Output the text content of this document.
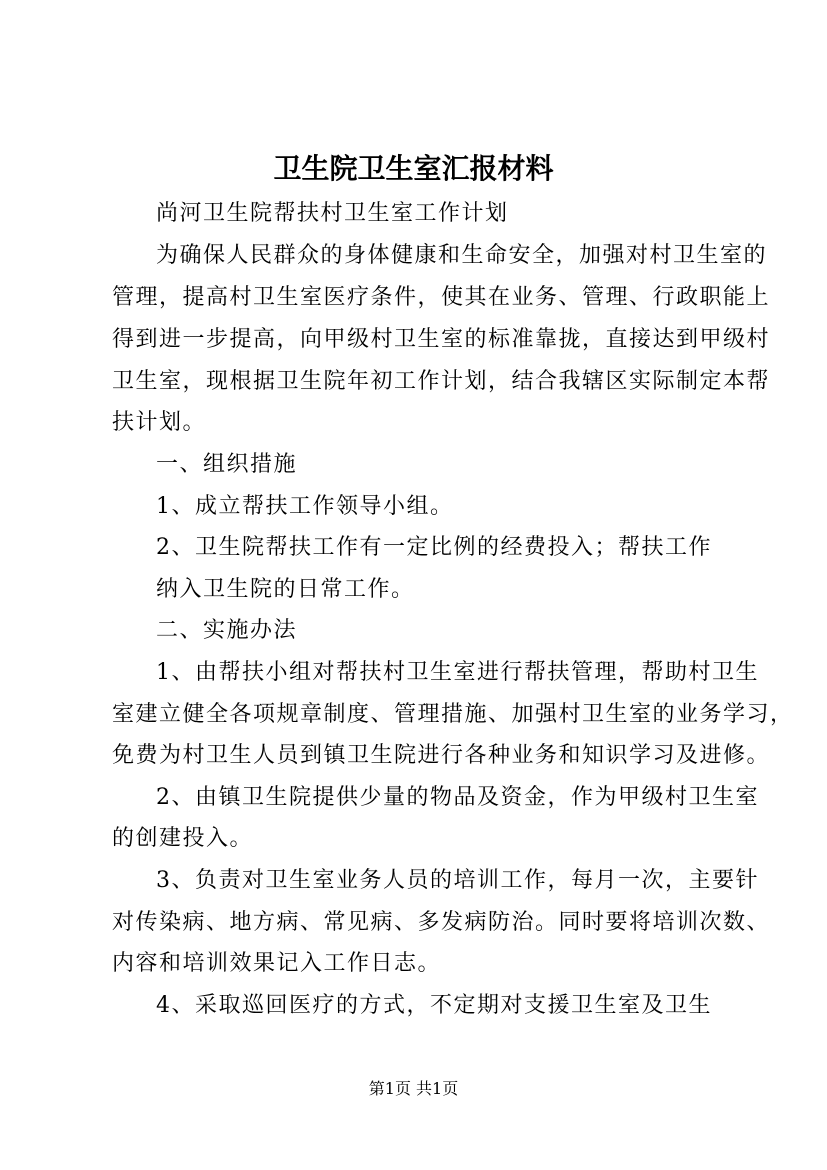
卫生院卫生室汇报材料
尚河卫生院帮扶村卫生室工作计划
为确保人民群众的身体健康和生命安全，加强对村卫生室的
管理，提高村卫生室医疗条件，使其在业务、管理、行政职能上
得到进一步提高，向甲级村卫生室的标准靠拢，直接达到甲级村
卫生室，现根据卫生院年初工作计划，结合我辖区实际制定本帮
扶计划。
一、组织措施
1、成立帮扶工作领导小组。
2、卫生院帮扶工作有一定比例的经费投入；帮扶工作
纳入卫生院的日常工作。
二、实施办法
1、由帮扶小组对帮扶村卫生室进行帮扶管理，帮助村卫生
室建立健全各项规章制度、管理措施、加强村卫生室的业务学习，
免费为村卫生人员到镇卫生院进行各种业务和知识学习及进修。
2、由镇卫生院提供少量的物品及资金，作为甲级村卫生室
的创建投入。
3、负责对卫生室业务人员的培训工作，每月一次，主要针
对传染病、地方病、常见病、多发病防治。同时要将培训次数、
内容和培训效果记入工作日志。
4、采取巡回医疗的方式，不定期对支援卫生室及卫生
第1页 共1页
